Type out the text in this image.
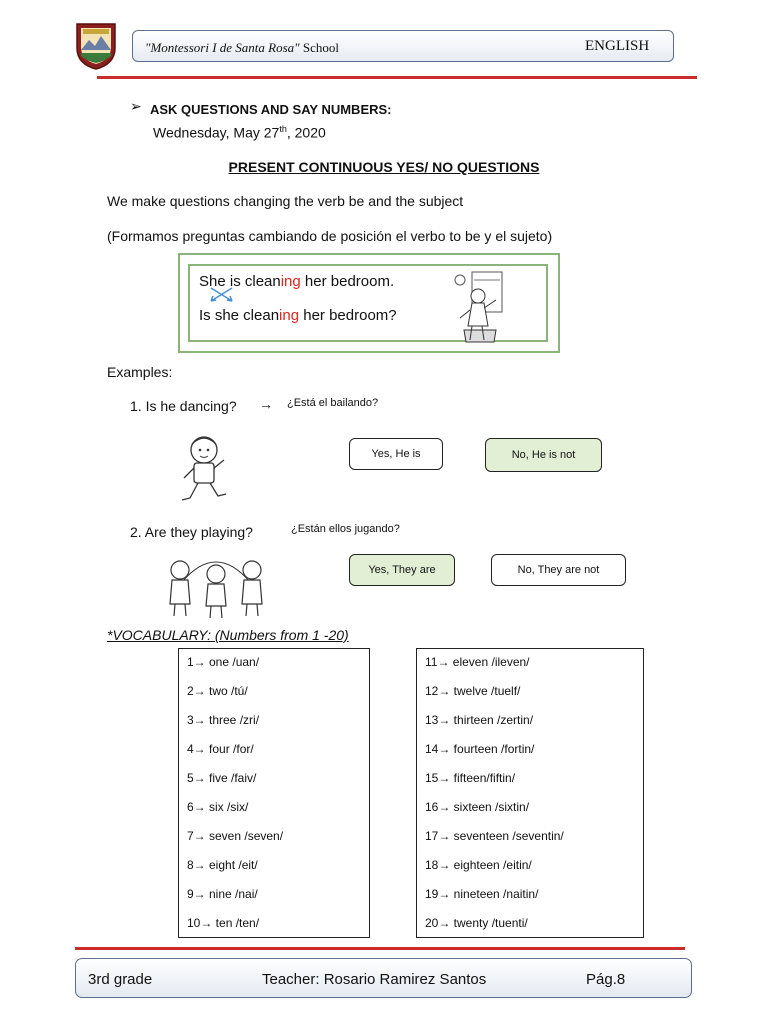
"Montessori I de Santa Rosa" School	ENGLISH
➢ ASK QUESTIONS AND SAY NUMBERS:
Wednesday, May 27th, 2020
PRESENT CONTINUOUS YES/ NO QUESTIONS
We make questions changing the verb be and the subject
(Formamos preguntas cambiando de posición el verbo to be y el sujeto)
She is cleaning her bedroom.
Is she cleaning her bedroom?
Examples:
1. Is he dancing? → ¿Está el bailando?
Yes, He is	No, He is not
2. Are they playing?	¿Están ellos jugando?
Yes, They are	No, They are not
*VOCABULARY: (Numbers from 1 -20)
1→ one /uan/
2→ two /tú/
3→ three /zri/
4→ four /for/
5→ five /faiv/
6→ six /six/
7→ seven /seven/
8→ eight /eit/
9→ nine /nai/
10→ ten /ten/
11→ eleven /ileven/
12→ twelve /tuelf/
13→ thirteen /zertin/
14→ fourteen /fortin/
15→ fifteen/fiftin/
16→ sixteen /sixtin/
17→ seventeen /seventin/
18→ eighteen /eitin/
19→ nineteen /naitin/
20→ twenty /tuenti/
3rd grade	Teacher: Rosario Ramirez Santos	Pág.8
